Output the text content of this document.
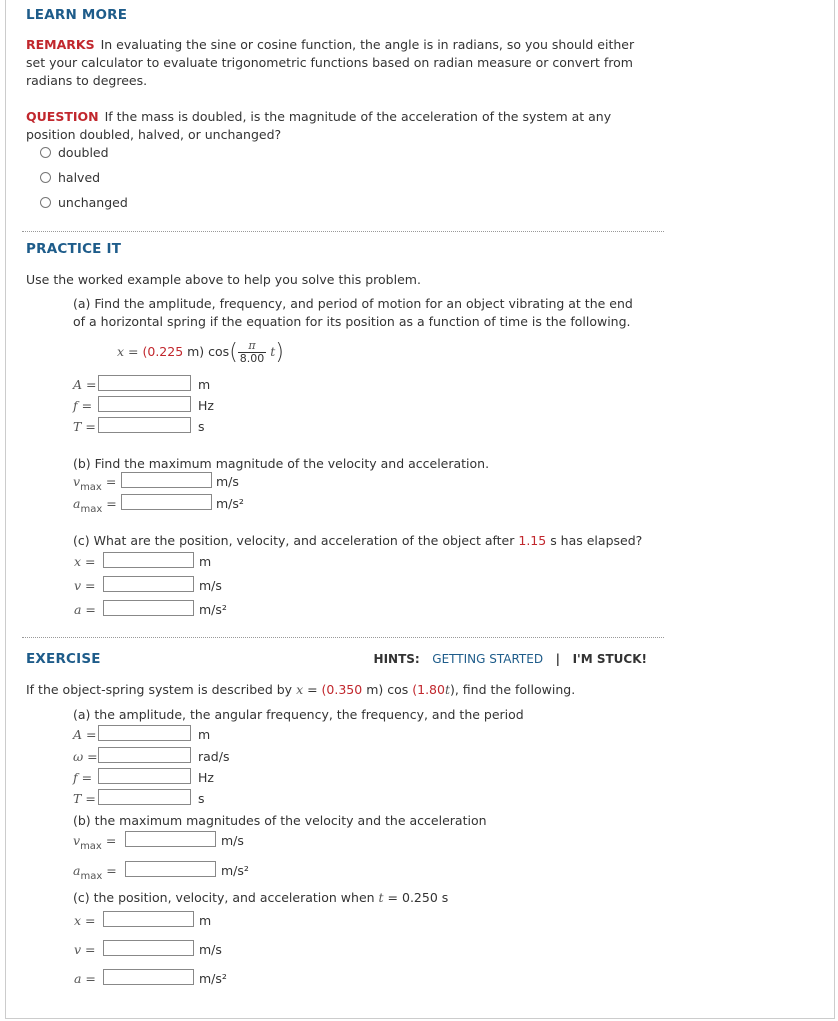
LEARN MORE
REMARKS In evaluating the sine or cosine function, the angle is in radians, so you should either set your calculator to evaluate trigonometric functions based on radian measure or convert from radians to degrees.
QUESTION If the mass is doubled, is the magnitude of the acceleration of the system at any position doubled, halved, or unchanged?
doubled
halved
unchanged
PRACTICE IT
Use the worked example above to help you solve this problem.
(a) Find the amplitude, frequency, and period of motion for an object vibrating at the end of a horizontal spring if the equation for its position as a function of time is the following.
x = (0.225 m) $\cos( \frac{\pi}{8.00} t)$
A =	m
f =	Hz
T =	s
(b) Find the maximum magnitude of the velocity and acceleration.
$v_{max}$ =	m/s
$a_{max}$ =	m/s²
(c) What are the position, velocity, and acceleration of the object after 1.15 s has elapsed?
x =	m
v =	m/s
a =	m/s²
EXERCISE	HINTS: GETTING STARTED | I'M STUCK!
If the object-spring system is described by x = (0.350 m) cos (1.80t), find the following.
(a) the amplitude, the angular frequency, the frequency, and the period
A =	m
ω =	rad/s
f =	Hz
T =	s
(b) the maximum magnitudes of the velocity and the acceleration
$v_{max}$ =	m/s
$a_{max}$ =	m/s²
(c) the position, velocity, and acceleration when t = 0.250 s
x =	m
v =	m/s
a =	m/s²
